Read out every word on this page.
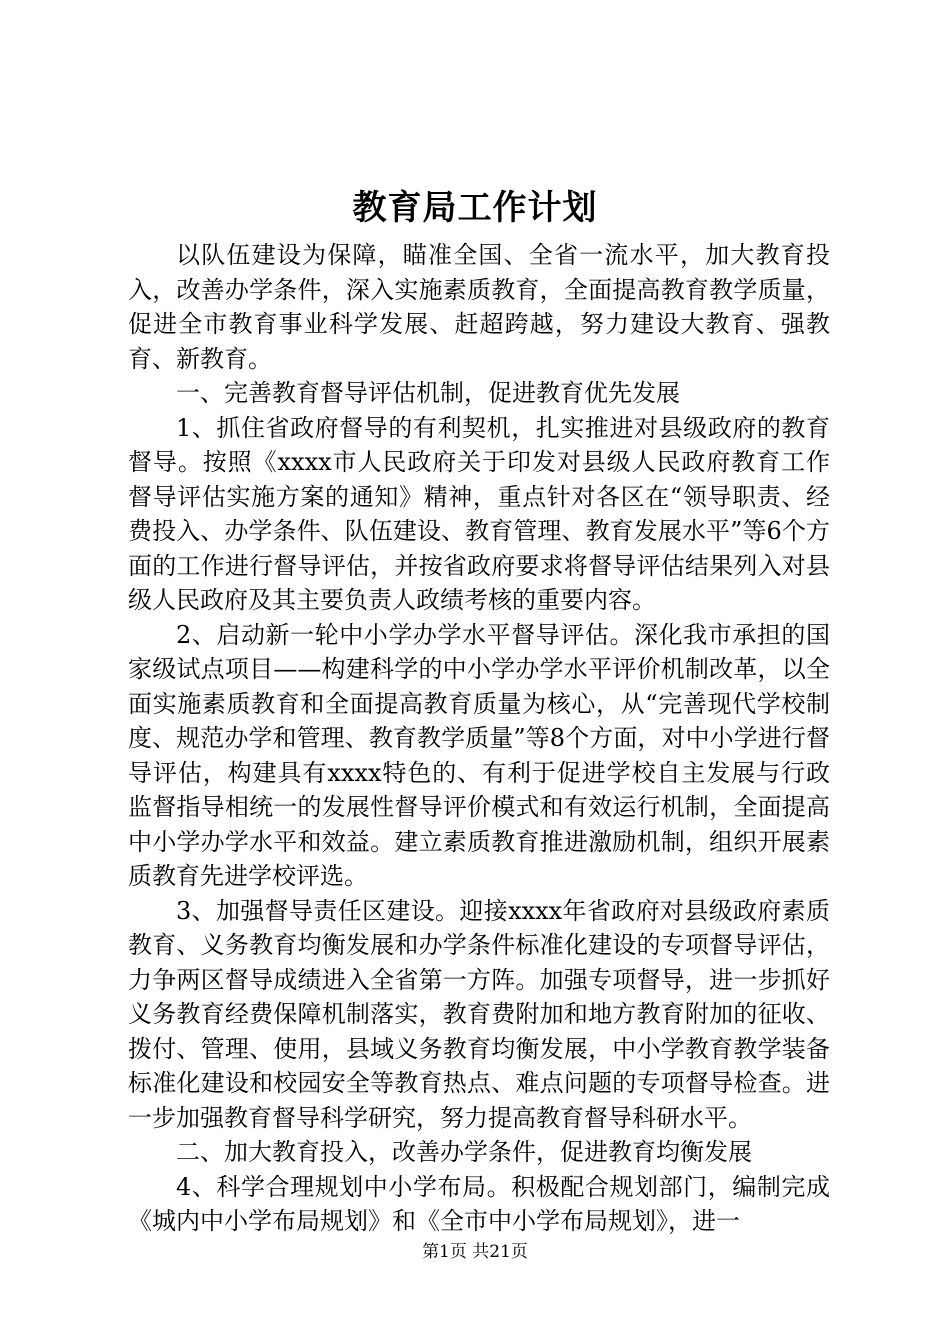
教育局工作计划

以队伍建设为保障，瞄准全国、全省一流水平，加大教育投入，改善办学条件，深入实施素质教育，全面提高教育教学质量，促进全市教育事业科学发展、赶超跨越，努力建设大教育、强教育、新教育。

一、完善教育督导评估机制，促进教育优先发展

1、抓住省政府督导的有利契机，扎实推进对县级政府的教育督导。按照《xxxx市人民政府关于印发对县级人民政府教育工作督导评估实施方案的通知》精神，重点针对各区在“领导职责、经费投入、办学条件、队伍建设、教育管理、教育发展水平”等6个方面的工作进行督导评估，并按省政府要求将督导评估结果列入对县级人民政府及其主要负责人政绩考核的重要内容。

2、启动新一轮中小学办学水平督导评估。深化我市承担的国家级试点项目——构建科学的中小学办学水平评价机制改革，以全面实施素质教育和全面提高教育质量为核心，从“完善现代学校制度、规范办学和管理、教育教学质量”等8个方面，对中小学进行督导评估，构建具有xxxx特色的、有利于促进学校自主发展与行政监督指导相统一的发展性督导评价模式和有效运行机制，全面提高中小学办学水平和效益。建立素质教育推进激励机制，组织开展素质教育先进学校评选。

3、加强督导责任区建设。迎接xxxx年省政府对县级政府素质教育、义务教育均衡发展和办学条件标准化建设的专项督导评估，力争两区督导成绩进入全省第一方阵。加强专项督导，进一步抓好义务教育经费保障机制落实，教育费附加和地方教育附加的征收、拨付、管理、使用，县域义务教育均衡发展，中小学教育教学装备标准化建设和校园安全等教育热点、难点问题的专项督导检查。进一步加强教育督导科学研究，努力提高教育督导科研水平。

二、加大教育投入，改善办学条件，促进教育均衡发展

4、科学合理规划中小学布局。积极配合规划部门，编制完成《城内中小学布局规划》和《全市中小学布局规划》，进一

第1页 共21页
